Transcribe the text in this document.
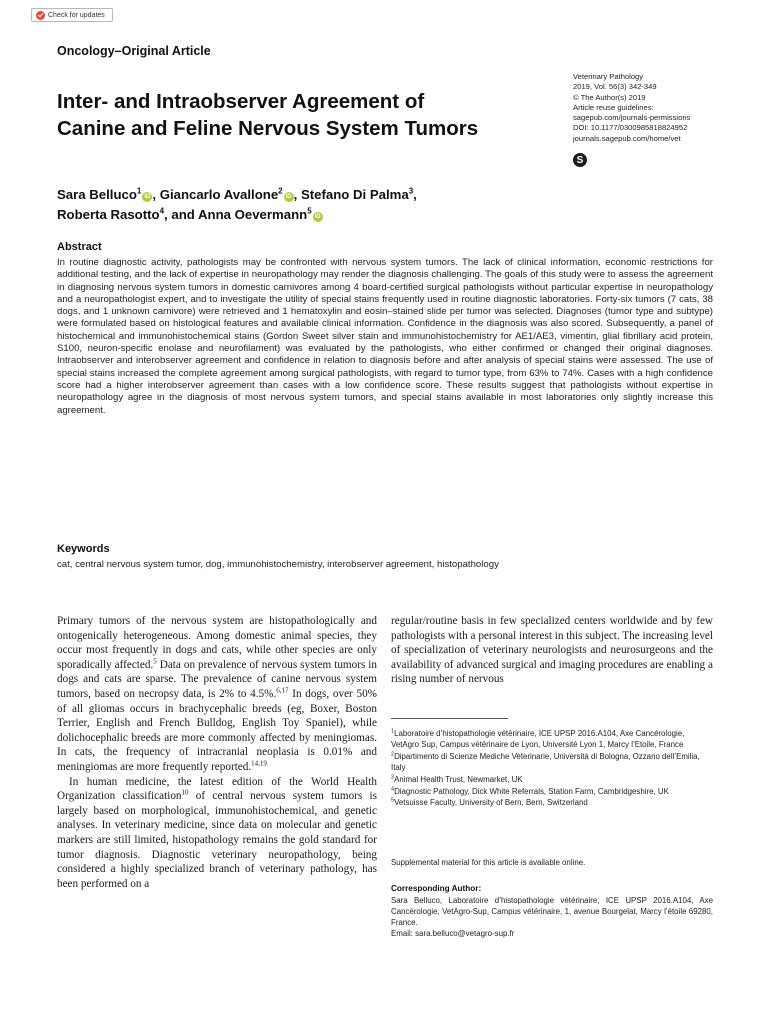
Check for updates
Oncology–Original Article
Inter- and Intraobserver Agreement of
Canine and Feline Nervous System Tumors
Veterinary Pathology
2019, Vol. 56(3) 342-349
© The Author(s) 2019
Article reuse guidelines:
sagepub.com/journals-permissions
DOI: 10.1177/0300985818824952
journals.sagepub.com/home/vet
S
Sara Belluco$^1$iD , Giancarlo Avallone$^2$iD , Stefano Di Palma$^3$,
Roberta Rasotto$^4$, and Anna Oevermann$^5$iD
Abstract
In routine diagnostic activity, pathologists may be confronted with nervous system tumors. The lack of clinical information, economic restrictions for additional testing, and the lack of expertise in neuropathology may render the diagnosis challenging. The goals of this study were to assess the agreement in diagnosing nervous system tumors in domestic carnivores among 4 board-certified surgical pathologists without particular expertise in neuropathology and a neuropathologist expert, and to investigate the utility of special stains frequently used in routine diagnostic laboratories. Forty-six tumors (7 cats, 38 dogs, and 1 unknown carnivore) were retrieved and 1 hematoxylin and eosin–stained slide per tumor was selected. Diagnoses (tumor type and subtype) were formulated based on histological features and available clinical information. Confidence in the diagnosis was also scored. Subsequently, a panel of histochemical and immunohistochemical stains (Gordon Sweet silver stain and immunohistochemistry for AE1/AE3, vimentin, glial fibrillary acid protein, S100, neuron-specific enolase and neurofilament) was evaluated by the pathologists, who either confirmed or changed their original diagnoses. Intraobserver and interobserver agreement and confidence in relation to diagnosis before and after analysis of special stains were assessed. The use of special stains increased the complete agreement among surgical pathologists, with regard to tumor type, from 63% to 74%. Cases with a high confidence score had a higher interobserver agreement than cases with a low confidence score. These results suggest that pathologists without expertise in neuropathology agree in the diagnosis of most nervous system tumors, and special stains available in most laboratories only slightly increase this agreement.
Keywords
cat, central nervous system tumor, dog, immunohistochemistry, interobserver agreement, histopathology

Primary tumors of the nervous system are histopathologically and ontogenically heterogeneous. Among domestic animal species, they occur most frequently in dogs and cats, while other species are only sporadically affected.$^5$ Data on prevalence of nervous system tumors in dogs and cats are sparse. The prevalence of canine nervous system tumors, based on necropsy data, is 2% to 4.5%.$^{6,17}$ In dogs, over 50% of all gliomas occurs in brachycephalic breeds (eg, Boxer, Boston Terrier, English and French Bulldog, English Toy Spaniel), while dolichocephalic breeds are more commonly affected by meningiomas. In cats, the frequency of intracranial neoplasia is 0.01% and meningiomas are more frequently reported.$^{14,19}$

In human medicine, the latest edition of the World Health Organization classification$^{10}$ of central nervous system tumors is largely based on morphological, immunohistochemical, and genetic analyses. In veterinary medicine, since data on molecular and genetic markers are still limited, histopathology remains the gold standard for tumor diagnosis. Diagnostic veterinary neuropathology, being considered a highly specialized branch of veterinary pathology, has been performed on a

regular/routine basis in few specialized centers worldwide and by few pathologists with a personal interest in this subject. The increasing level of specialization of veterinary neurologists and neurosurgeons and the availability of advanced surgical and imaging procedures are enabling a rising number of nervous
$^1$Laboratoire d’histopathologie vétérinaire, ICE UPSP 2016.A104, Axe Cancérologie, VetAgro Sup, Campus vétérinaire de Lyon, Université Lyon 1, Marcy l’Etoile, France
$^2$Dipartimento di Scienze Mediche Veterinarie, Università di Bologna, Ozzano dell’Emilia, Italy
$^3$Animal Health Trust, Newmarket, UK
$^4$Diagnostic Pathology, Dick White Referrals, Station Farm, Cambridgeshire, UK
$^5$Vetsuisse Faculty, University of Bern, Bern, Switzerland
Supplemental material for this article is available online.
Corresponding Author:
Sara Belluco, Laboratoire d’histopathologie vétérinaire, ICE UPSP 2016.A104, Axe Cancérologie, VetAgro-Sup, Campus vétérinaire, 1, avenue Bourgelat, Marcy l’étoile 69280, France.
Email: sara.belluco@vetagro-sup.fr
